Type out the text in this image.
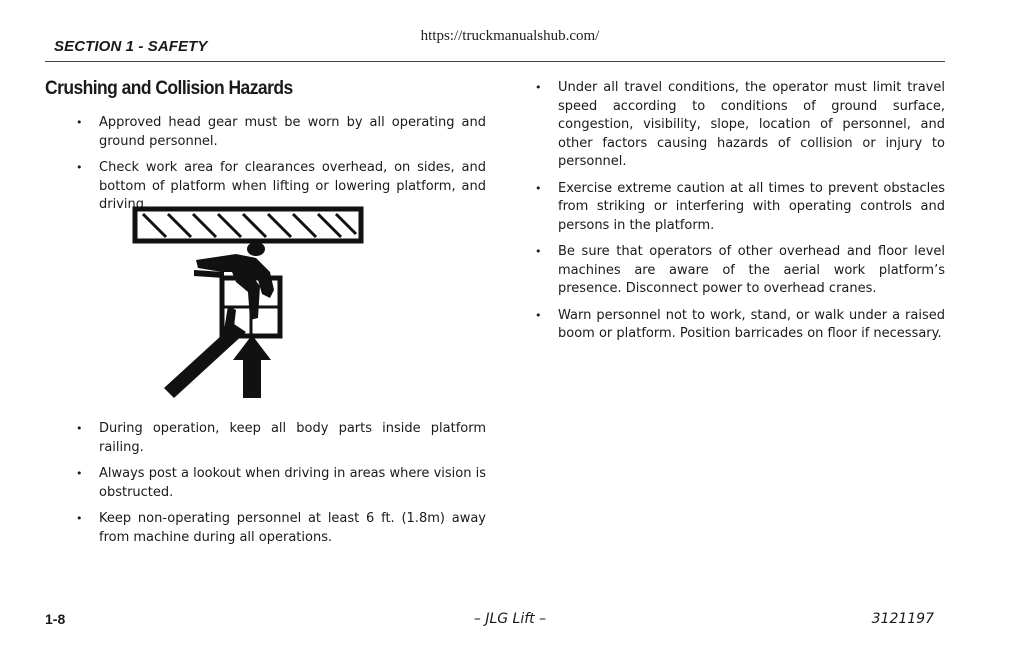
https://truckmanualshub.com/
SECTION 1 - SAFETY
Crushing and Collision Hazards
• Approved head gear must be worn by all operating and ground personnel.
• Check work area for clearances overhead, on sides, and bottom of platform when lifting or lowering platform, and driving.
• During operation, keep all body parts inside platform railing.
• Always post a lookout when driving in areas where vision is obstructed.
• Keep non-operating personnel at least 6 ft. (1.8m) away from machine during all operations.
• Under all travel conditions, the operator must limit travel speed according to conditions of ground surface, congestion, visibility, slope, location of personnel, and other factors causing hazards of collision or injury to personnel.
• Exercise extreme caution at all times to prevent obstacles from striking or interfering with operating controls and persons in the platform.
• Be sure that operators of other overhead and floor level machines are aware of the aerial work platform’s presence. Disconnect power to overhead cranes.
• Warn personnel not to work, stand, or walk under a raised boom or platform. Position barricades on floor if necessary.
1-8	– JLG Lift –	3121197
